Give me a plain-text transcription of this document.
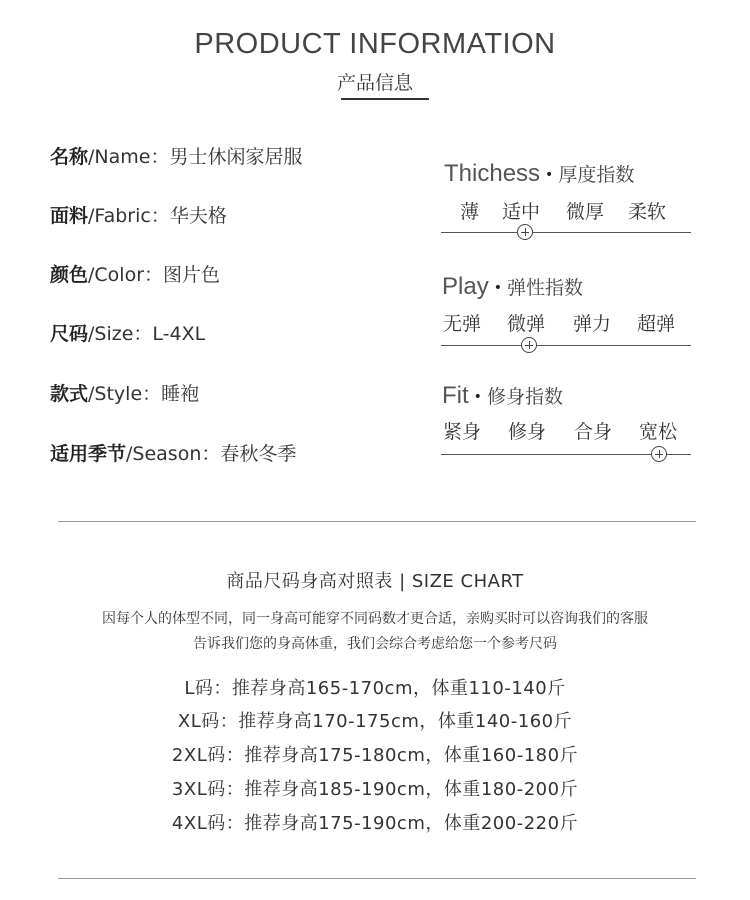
PRODUCT INFORMATION
产品信息
名称/Name：男士休闲家居服
面料/Fabric：华夫格
颜色/Color：图片色
尺码/Size：L-4XL
款式/Style：睡袍
适用季节/Season：春秋冬季
Thichess • 厚度指数
薄 适中 微厚 柔软
Play • 弹性指数
无弹 微弹 弹力 超弹
Fit • 修身指数
紧身 修身 合身 宽松
商品尺码身高对照表 | SIZE CHART
因每个人的体型不同，同一身高可能穿不同码数才更合适，亲购买时可以咨询我们的客服
告诉我们您的身高体重，我们会综合考虑给您一个参考尺码
L码：推荐身高165-170cm，体重110-140斤
XL码：推荐身高170-175cm，体重140-160斤
2XL码：推荐身高175-180cm，体重160-180斤
3XL码：推荐身高185-190cm，体重180-200斤
4XL码：推荐身高175-190cm，体重200-220斤
